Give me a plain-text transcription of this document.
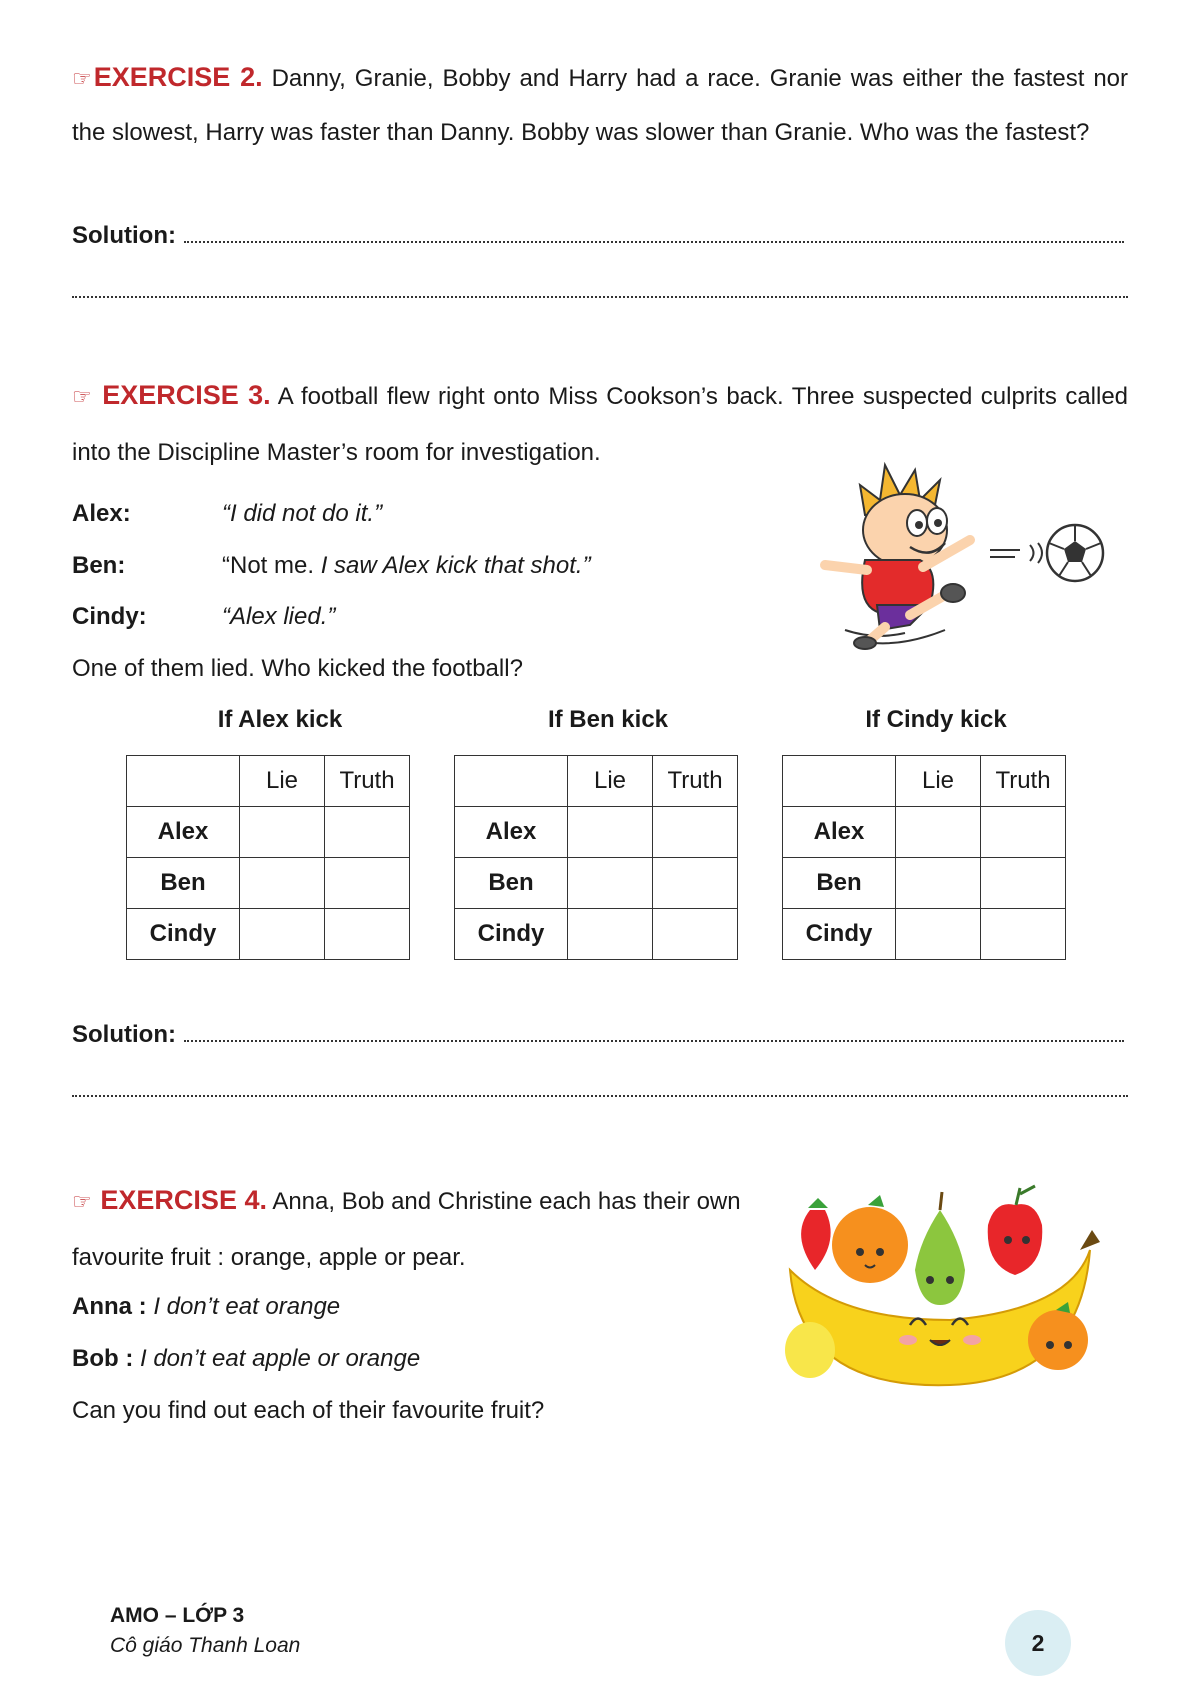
☞EXERCISE 2. Danny, Granie, Bobby and Harry had a race. Granie was either the fastest nor the slowest, Harry was faster than Danny. Bobby was slower than Granie. Who was the fastest?
Solution:
☞ EXERCISE 3. A football flew right onto Miss Cookson’s back. Three suspected culprits called into the Discipline Master’s room for investigation.
Alex:	“I did not do it.”
Ben:	“Not me. I saw Alex kick that shot.”
Cindy:	“Alex lied.”
One of them lied. Who kicked the football?
If Alex kick	If Ben kick	If Cindy kick
	Lie	Truth
Alex		
Ben		
Cindy		
	Lie	Truth
Alex		
Ben		
Cindy		
	Lie	Truth
Alex		
Ben		
Cindy		
Solution:
☞ EXERCISE 4. Anna, Bob and Christine each has their own favourite fruit : orange, apple or pear.
Anna : I don’t eat orange
Bob : I don’t eat apple or orange
Can you find out each of their favourite fruit?
AMO – LỚP 3
Cô giáo Thanh Loan	2
